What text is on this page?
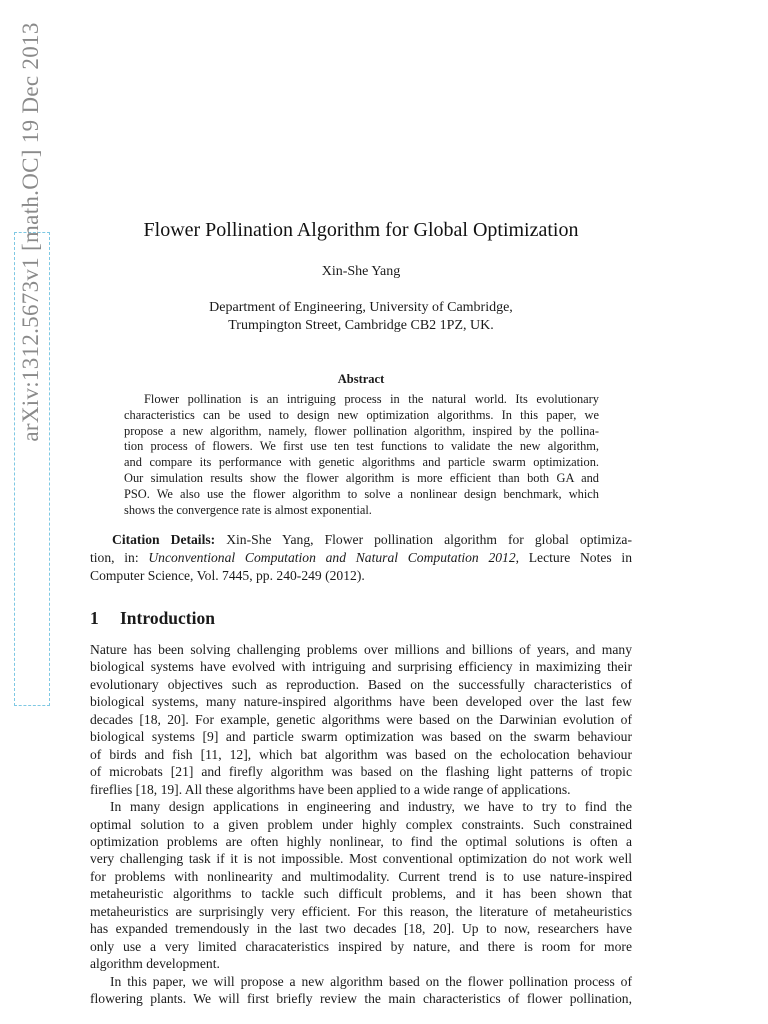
arXiv:1312.5673v1 [math.OC] 19 Dec 2013	Flower Pollination Algorithm for Global Optimization
Xin-She Yang
Department of Engineering, University of Cambridge,
Trumpington Street, Cambridge CB2 1PZ, UK.
Abstract
Flower pollination is an intriguing process in the natural world. Its evolutionary
characteristics can be used to design new optimization algorithms. In this paper, we
propose a new algorithm, namely, flower pollination algorithm, inspired by the pollina-
tion process of flowers. We first use ten test functions to validate the new algorithm,
and compare its performance with genetic algorithms and particle swarm optimization.
Our simulation results show the flower algorithm is more efficient than both GA and
PSO. We also use the flower algorithm to solve a nonlinear design benchmark, which
shows the convergence rate is almost exponential.
Citation Details: Xin-She Yang, Flower pollination algorithm for global optimiza-
tion, in: Unconventional Computation and Natural Computation 2012, Lecture Notes in
Computer Science, Vol. 7445, pp. 240-249 (2012).
1 Introduction
Nature has been solving challenging problems over millions and billions of years, and many
biological systems have evolved with intriguing and surprising efficiency in maximizing their
evolutionary objectives such as reproduction. Based on the successfully characteristics of
biological systems, many nature-inspired algorithms have been developed over the last few
decades [18, 20]. For example, genetic algorithms were based on the Darwinian evolution of
biological systems [9] and particle swarm optimization was based on the swarm behaviour
of birds and fish [11, 12], which bat algorithm was based on the echolocation behaviour
of microbats [21] and firefly algorithm was based on the flashing light patterns of tropic
fireflies [18, 19]. All these algorithms have been applied to a wide range of applications.
In many design applications in engineering and industry, we have to try to find the
optimal solution to a given problem under highly complex constraints. Such constrained
optimization problems are often highly nonlinear, to find the optimal solutions is often a
very challenging task if it is not impossible. Most conventional optimization do not work well
for problems with nonlinearity and multimodality. Current trend is to use nature-inspired
metaheuristic algorithms to tackle such difficult problems, and it has been shown that
metaheuristics are surprisingly very efficient. For this reason, the literature of metaheuristics
has expanded tremendously in the last two decades [18, 20]. Up to now, researchers have
only use a very limited characateristics inspired by nature, and there is room for more
algorithm development.
In this paper, we will propose a new algorithm based on the flower pollination process of
flowering plants. We will first briefly review the main characteristics of flower pollination,
